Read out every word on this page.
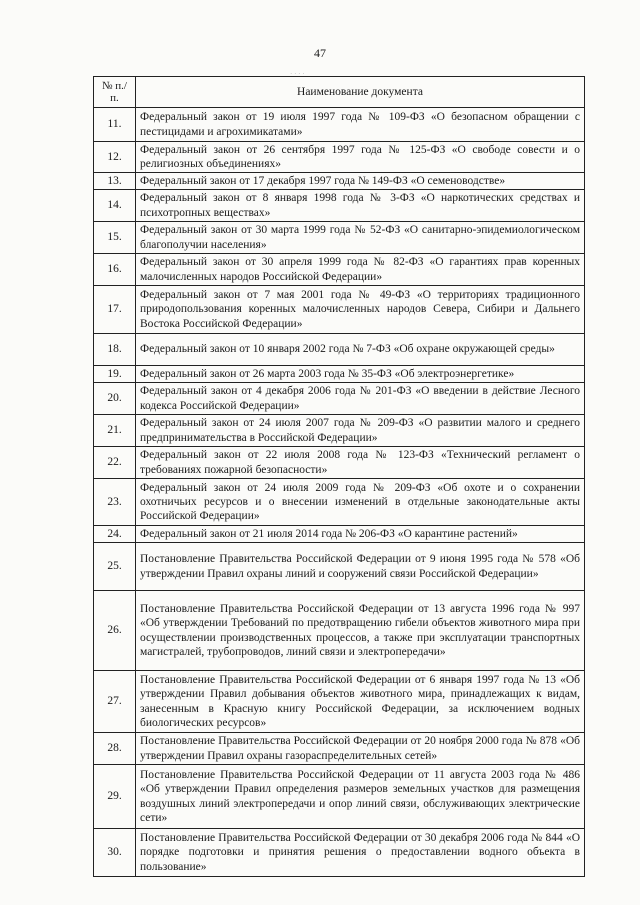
47
· · · ·
№ п./п.	Наименование документа
11.	Федеральный закон от 19 июля 1997 года № 109-ФЗ «О безопасном обращении с пестицидами и агрохимикатами»
12.	Федеральный закон от 26 сентября 1997 года № 125-ФЗ «О свободе совести и о религиозных объединениях»
13.	Федеральный закон от 17 декабря 1997 года № 149-ФЗ «О семеноводстве»
14.	Федеральный закон от 8 января 1998 года № 3-ФЗ «О наркотических средствах и психотропных веществах»
15.	Федеральный закон от 30 марта 1999 года № 52-ФЗ «О санитарно-эпидемиологическом благополучии населения»
16.	Федеральный закон от 30 апреля 1999 года № 82-ФЗ «О гарантиях прав коренных малочисленных народов Российской Федерации»
17.	Федеральный закон от 7 мая 2001 года № 49-ФЗ «О территориях традиционного природопользования коренных малочисленных народов Севера, Сибири и Дальнего Востока Российской Федерации»
18.	Федеральный закон от 10 января 2002 года № 7-ФЗ «Об охране окружающей среды»
19.	Федеральный закон от 26 марта 2003 года № 35-ФЗ «Об электроэнергетике»
20.	Федеральный закон от 4 декабря 2006 года № 201-ФЗ «О введении в действие Лесного кодекса Российской Федерации»
21.	Федеральный закон от 24 июля 2007 года № 209-ФЗ «О развитии малого и среднего предпринимательства в Российской Федерации»
22.	Федеральный закон от 22 июля 2008 года № 123-ФЗ «Технический регламент о требованиях пожарной безопасности»
23.	Федеральный закон от 24 июля 2009 года № 209-ФЗ «Об охоте и о сохранении охотничьих ресурсов и о внесении изменений в отдельные законодательные акты Российской Федерации»
24.	Федеральный закон от 21 июля 2014 года № 206-ФЗ «О карантине растений»
25.	Постановление Правительства Российской Федерации от 9 июня 1995 года № 578 «Об утверждении Правил охраны линий и сооружений связи Российской Федерации»
26.	Постановление Правительства Российской Федерации от 13 августа 1996 года № 997 «Об утверждении Требований по предотвращению гибели объектов животного мира при осуществлении производственных процессов, а также при эксплуатации транспортных магистралей, трубопроводов, линий связи и электропередачи»
27.	Постановление Правительства Российской Федерации от 6 января 1997 года № 13 «Об утверждении Правил добывания объектов животного мира, принадлежащих к видам, занесенным в Красную книгу Российской Федерации, за исключением водных биологических ресурсов»
28.	Постановление Правительства Российской Федерации от 20 ноября 2000 года № 878 «Об утверждении Правил охраны газораспределительных сетей»
29.	Постановление Правительства Российской Федерации от 11 августа 2003 года № 486 «Об утверждении Правил определения размеров земельных участков для размещения воздушных линий электропередачи и опор линий связи, обслуживающих электрические сети»
30.	Постановление Правительства Российской Федерации от 30 декабря 2006 года № 844 «О порядке подготовки и принятия решения о предоставлении водного объекта в пользование»
